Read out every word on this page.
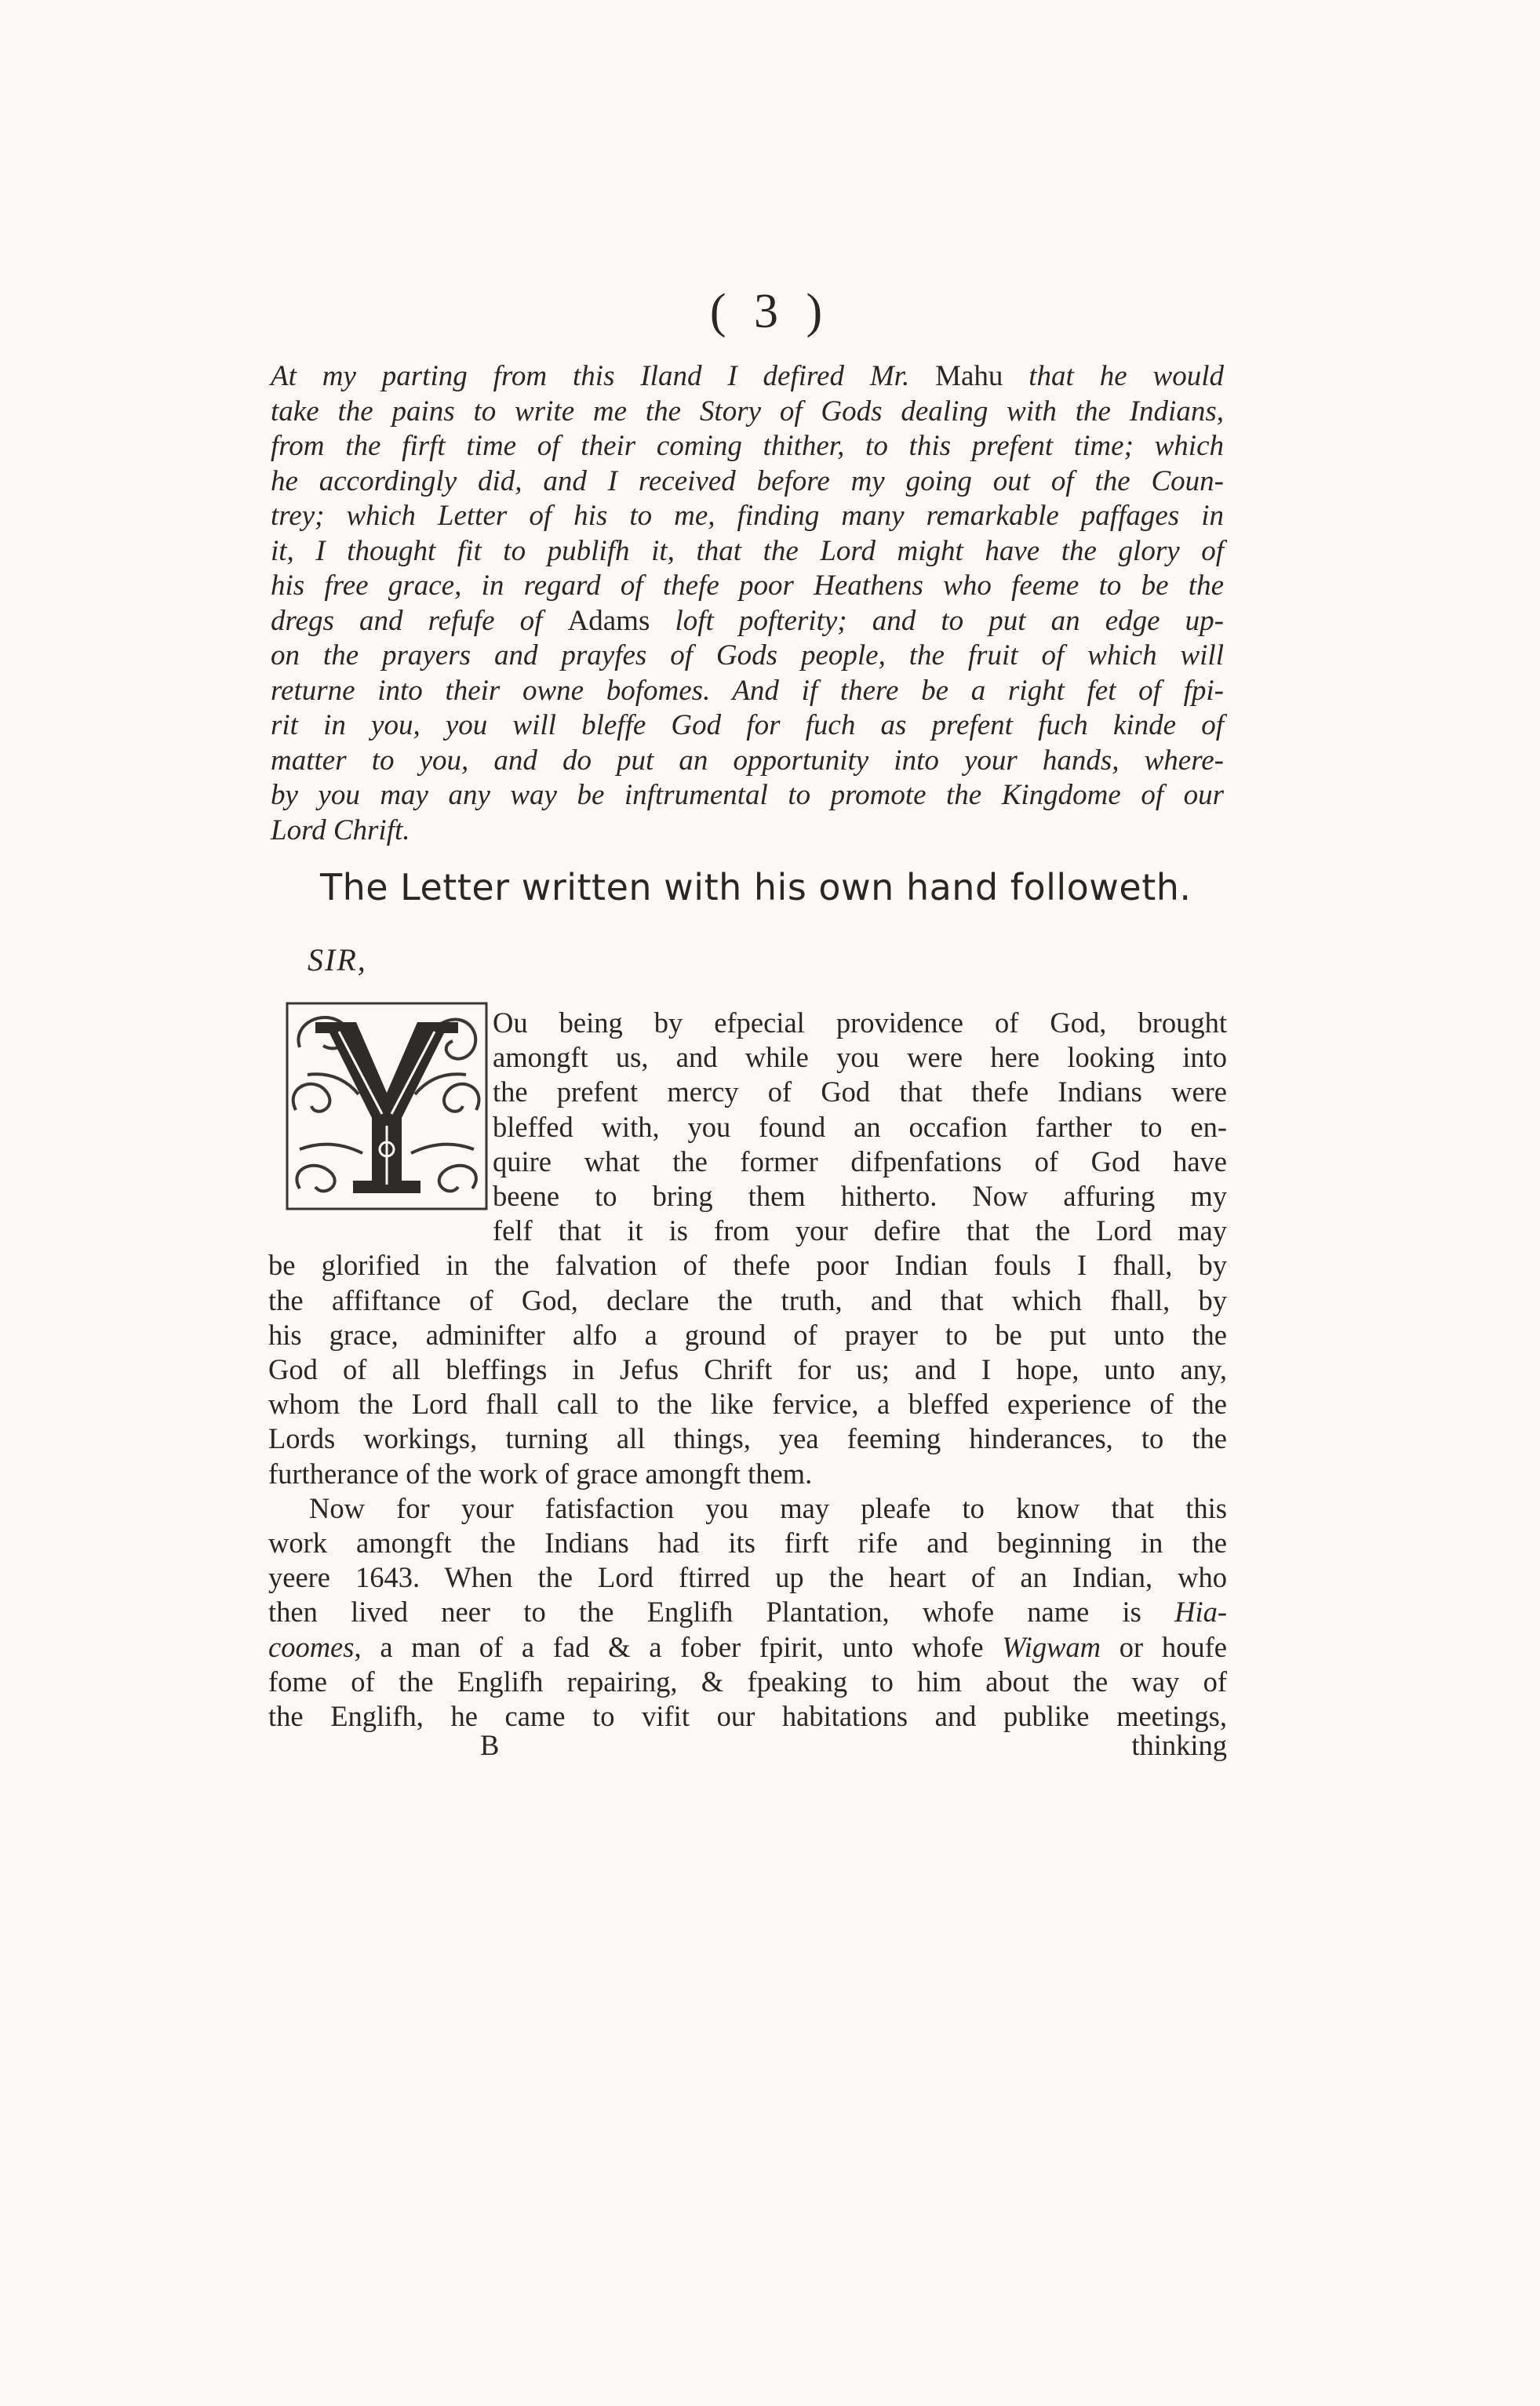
( 3 )
At my parting from this Iland I defired Mr. Mahu that he would
take the pains to write me the Story of Gods dealing with the Indians,
from the firft time of their coming thither, to this prefent time; which
he accordingly did, and I received before my going out of the Coun-
trey; which Letter of his to me, finding many remarkable paffages in
it, I thought fit to publifh it, that the Lord might have the glory of
his free grace, in regard of thefe poor Heathens who feeme to be the
dregs and refufe of Adams loft pofterity; and to put an edge up-
on the prayers and prayfes of Gods people, the fruit of which will
returne into their owne bofomes. And if there be a right fet of fpi-
rit in you, you will bleffe God for fuch as prefent fuch kinde of
matter to you, and do put an opportunity into your hands, where-
by you may any way be inftrumental to promote the Kingdome of our
Lord Chrift.
The Letter written with his own hand followeth.
SIR,
Ou being by efpecial providence of God, brought
amongft us, and while you were here looking into
the prefent mercy of God that thefe Indians were
bleffed with, you found an occafion farther to en-
quire what the former difpenfations of God have
beene to bring them hitherto. Now affuring my
felf that it is from your defire that the Lord may
be glorified in the falvation of thefe poor Indian fouls I fhall, by
the affiftance of God, declare the truth, and that which fhall, by
his grace, adminifter alfo a ground of prayer to be put unto the
God of all bleffings in Jefus Chrift for us; and I hope, unto any,
whom the Lord fhall call to the like fervice, a bleffed experience of the
Lords workings, turning all things, yea feeming hinderances, to the
furtherance of the work of grace amongft them.
Now for your fatisfaction you may pleafe to know that this
work amongft the Indians had its firft rife and beginning in the
yeere 1643. When the Lord ftirred up the heart of an Indian, who
then lived neer to the Englifh Plantation, whofe name is Hia-
coomes, a man of a fad & a fober fpirit, unto whofe Wigwam or houfe
fome of the Englifh repairing, & fpeaking to him about the way of
the Englifh, he came to vifit our habitations and publike meetings,
B	thinking
